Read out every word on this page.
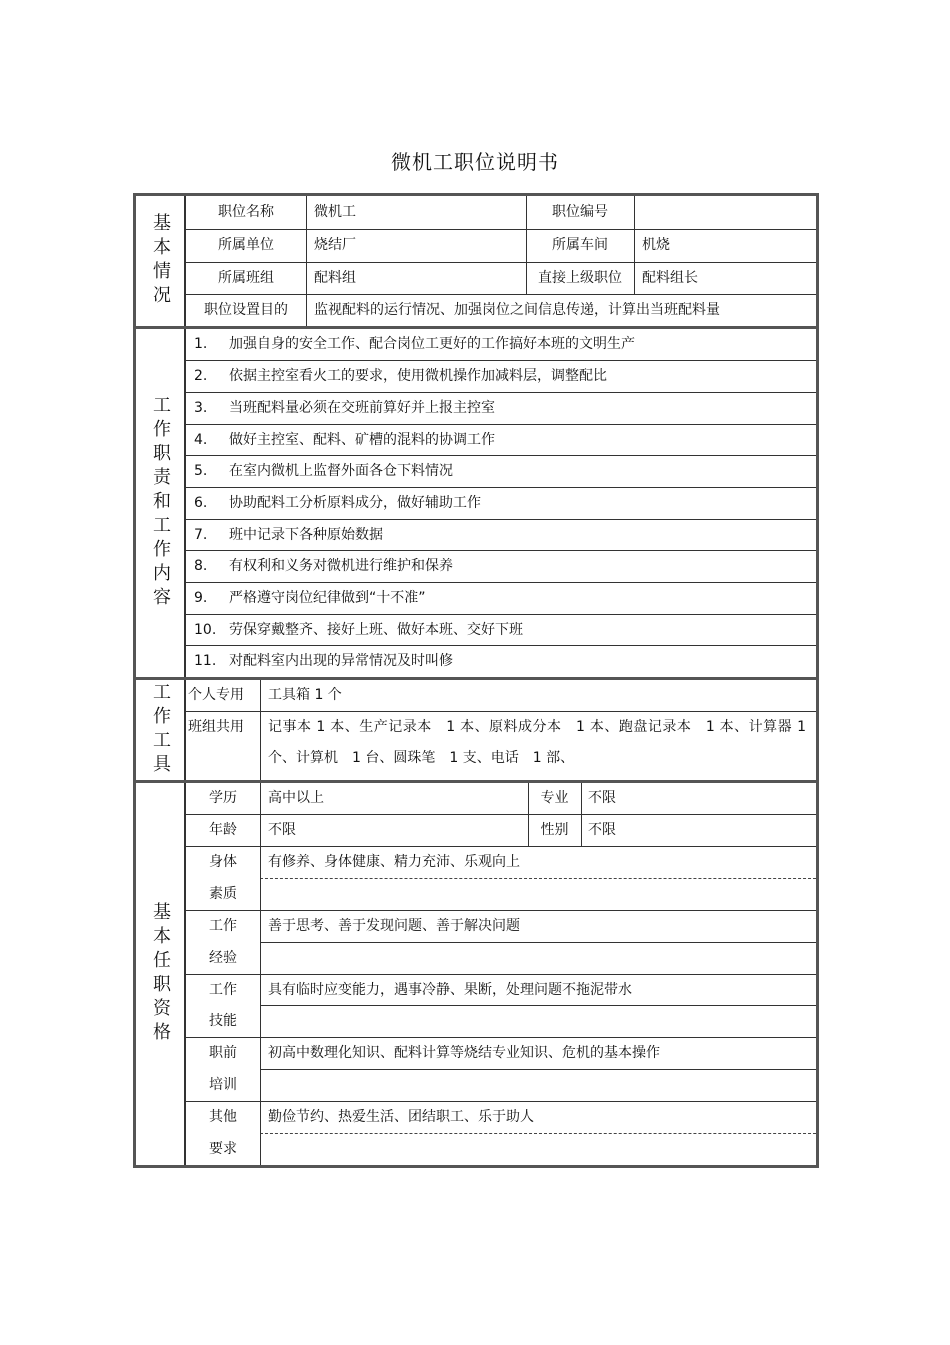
微机工职位说明书
基本情况
职位名称	微机工	职位编号
所属单位	烧结厂	所属车间	机烧
所属班组	配料组	直接上级职位	配料组长
职位设置目的	监视配料的运行情况、加强岗位之间信息传递，计算出当班配料量
工作职责和工作内容
1.	加强自身的安全工作、配合岗位工更好的工作搞好本班的文明生产
2.	依据主控室看火工的要求，使用微机操作加减料层，调整配比
3.	当班配料量必须在交班前算好并上报主控室
4.	做好主控室、配料、矿槽的混料的协调工作
5.	在室内微机上监督外面各仓下料情况
6.	协助配料工分析原料成分，做好辅助工作
7.	班中记录下各种原始数据
8.	有权利和义务对微机进行维护和保养
9.	严格遵守岗位纪律做到“十不准”
10. 劳保穿戴整齐、接好上班、做好本班、交好下班
11. 对配料室内出现的异常情况及时叫修
工作工具 个人专用	工具箱 1 个
班组共用	记事本 1 本、生产记录本　1 本、原料成分本　1 本、跑盘记录本　1 本、计算器 1 个、计算机　1 台、圆珠笔　1 支、电话　1 部、
基本任职资格
学历	高中以上	专业	不限
年龄	不限	性别	不限
身体
素质
有修养、身体健康、精力充沛、乐观向上
工作
经验
善于思考、善于发现问题、善于解决问题
工作
技能
具有临时应变能力，遇事冷静、果断，处理问题不拖泥带水
职前
培训
初高中数理化知识、配料计算等烧结专业知识、危机的基本操作
其他
要求
勤俭节约、热爱生活、团结职工、乐于助人
